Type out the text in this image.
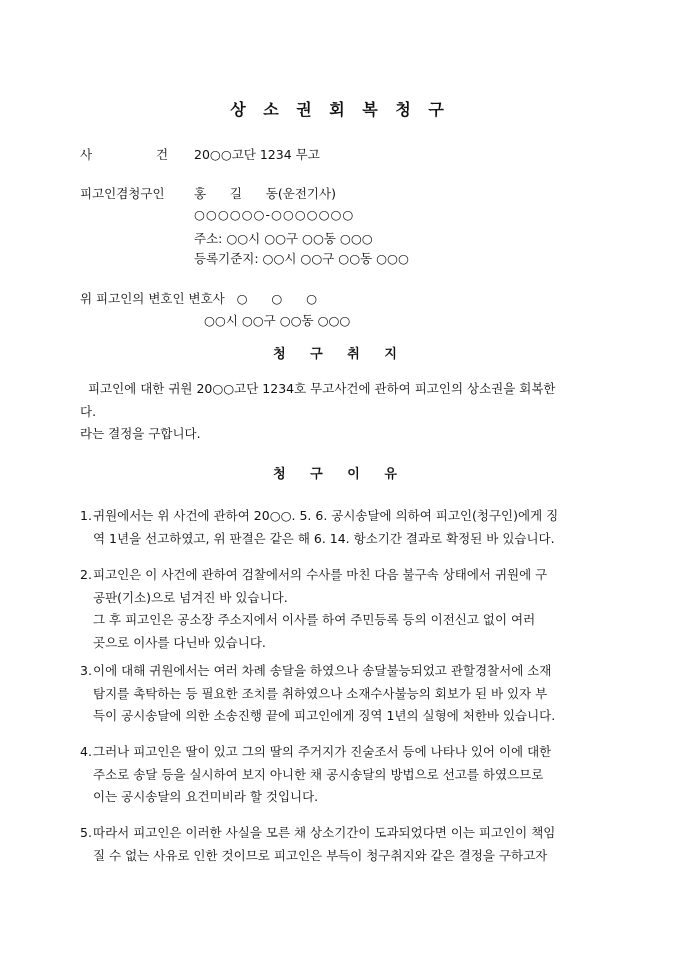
상 소 권 회 복 청 구
사 건
20○○고단 1234 무고
피고인겸청구인 홍      길      동(운전기사)
○○○○○○-○○○○○○○
주소: ○○시 ○○구 ○○동 ○○○
등록기준지: ○○시 ○○구 ○○동 ○○○
위 피고인의 변호인 변호사   ○      ○      ○
○○시 ○○구 ○○동 ○○○
청 구 취 지
피고인에 대한 귀원 20○○고단 1234호 무고사건에 관하여 피고인의 상소권을 회복한
다.
라는 결정을 구합니다.
청 구 이 유
1. 귀원에서는 위 사건에 관하여 20○○. 5. 6. 공시송달에 의하여 피고인(청구인)에게 징
역 1년을 선고하였고, 위 판결은 같은 해 6. 14. 항소기간 결과로 확정된 바 있습니다.
2. 피고인은 이 사건에 관하여 검찰에서의 수사를 마친 다음 불구속 상태에서 귀원에 구
공판(기소)으로 넘겨진 바 있습니다.
그 후 피고인은 공소장 주소지에서 이사를 하여 주민등록 등의 이전신고 없이 여러
곳으로 이사를 다닌바 있습니다.
3. 이에 대해 귀원에서는 여러 차례 송달을 하였으나 송달불능되었고 관할경찰서에 소재
탐지를 촉탁하는 등 필요한 조치를 취하였으나 소재수사불능의 회보가 된 바 있자 부
득이 공시송달에 의한 소송진행 끝에 피고인에게 징역 1년의 실형에 처한바 있습니다.
4. 그러나 피고인은 딸이 있고 그의 딸의 주거지가 진술조서 등에 나타나 있어 이에 대한
주소로 송달 등을 실시하여 보지 아니한 채 공시송달의 방법으로 선고를 하였으므로
이는 공시송달의 요건미비라 할 것입니다.
5. 따라서 피고인은 이러한 사실을 모른 채 상소기간이 도과되었다면 이는 피고인이 책임
질 수 없는 사유로 인한 것이므로 피고인은 부득이 청구취지와 같은 결정을 구하고자
